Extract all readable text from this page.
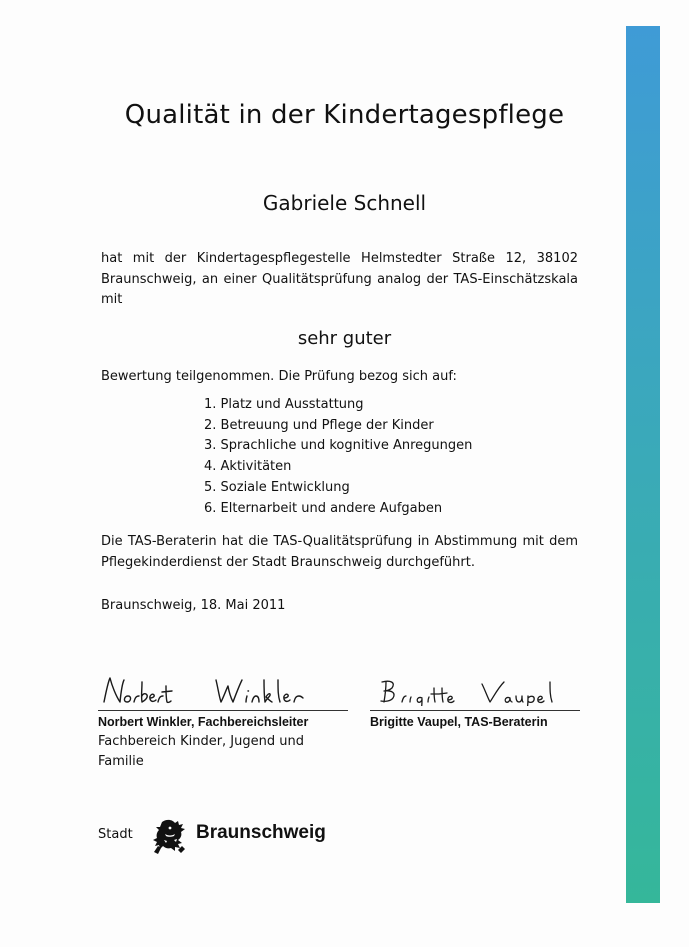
Qualität in der Kindertagespflege
Gabriele Schnell
hat mit der Kindertagespflegestelle Helmstedter Straße 12, 38102 Braunschweig, an einer Qualitätsprüfung analog der TAS-Einschätzskala mit
sehr guter
Bewertung teilgenommen. Die Prüfung bezog sich auf:
1. Platz und Ausstattung
2. Betreuung und Pflege der Kinder
3. Sprachliche und kognitive Anregungen
4. Aktivitäten
5. Soziale Entwicklung
6. Elternarbeit und andere Aufgaben
Die TAS-Beraterin hat die TAS-Qualitätsprüfung in Abstimmung mit dem Pflegekinderdienst der Stadt Braunschweig durchgeführt.
Braunschweig, 18. Mai 2011
Norbert Winkler, Fachbereichsleiter
Fachbereich Kinder, Jugend und Familie
Brigitte Vaupel, TAS-Beraterin
Stadt	Braunschweig
